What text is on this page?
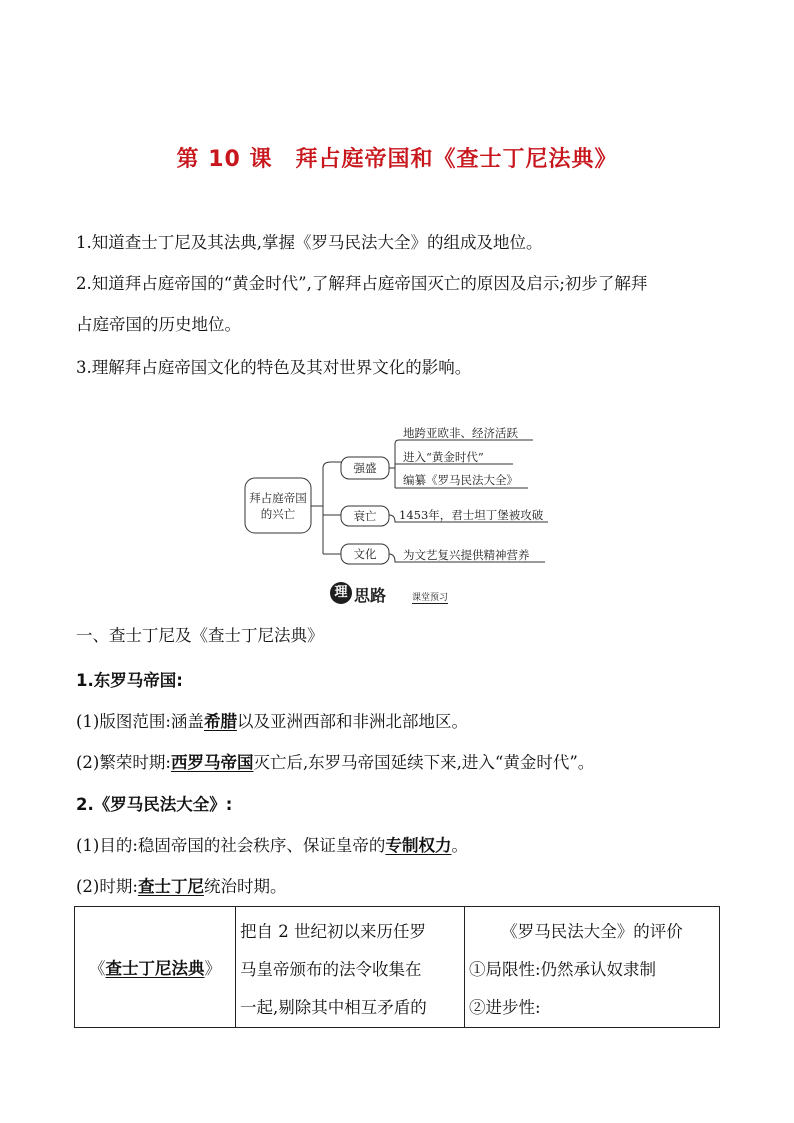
第 10 课　拜占庭帝国和《查士丁尼法典》
1.知道查士丁尼及其法典,掌握《罗马民法大全》的组成及地位。
2.知道拜占庭帝国的“黄金时代”,了解拜占庭帝国灭亡的原因及启示;初步了解拜
占庭帝国的历史地位。
3.理解拜占庭帝国文化的特色及其对世界文化的影响。
拜占庭帝国
的兴亡
强盛
衰亡
文化
地跨亚欧非、经济活跃
进入“黄金时代”
编纂《罗马民法大全》
1453年，君士坦丁堡被攻破
为文艺复兴提供精神营养
理 思路	课堂预习
一、查士丁尼及《查士丁尼法典》
1.东罗马帝国:
(1)版图范围:涵盖希腊以及亚洲西部和非洲北部地区。
(2)繁荣时期:西罗马帝国灭亡后,东罗马帝国延续下来,进入“黄金时代”。
2.《罗马民法大全》:
(1)目的:稳固帝国的社会秩序、保证皇帝的专制权力。
(2)时期:查士丁尼统治时期。
《查士丁尼法典》	
把自 2 世纪初以来历任罗
马皇帝颁布的法令收集在
一起,剔除其中相互矛盾的

《罗马民法大全》的评价
①局限性:仍然承认奴隶制
②进步性:
